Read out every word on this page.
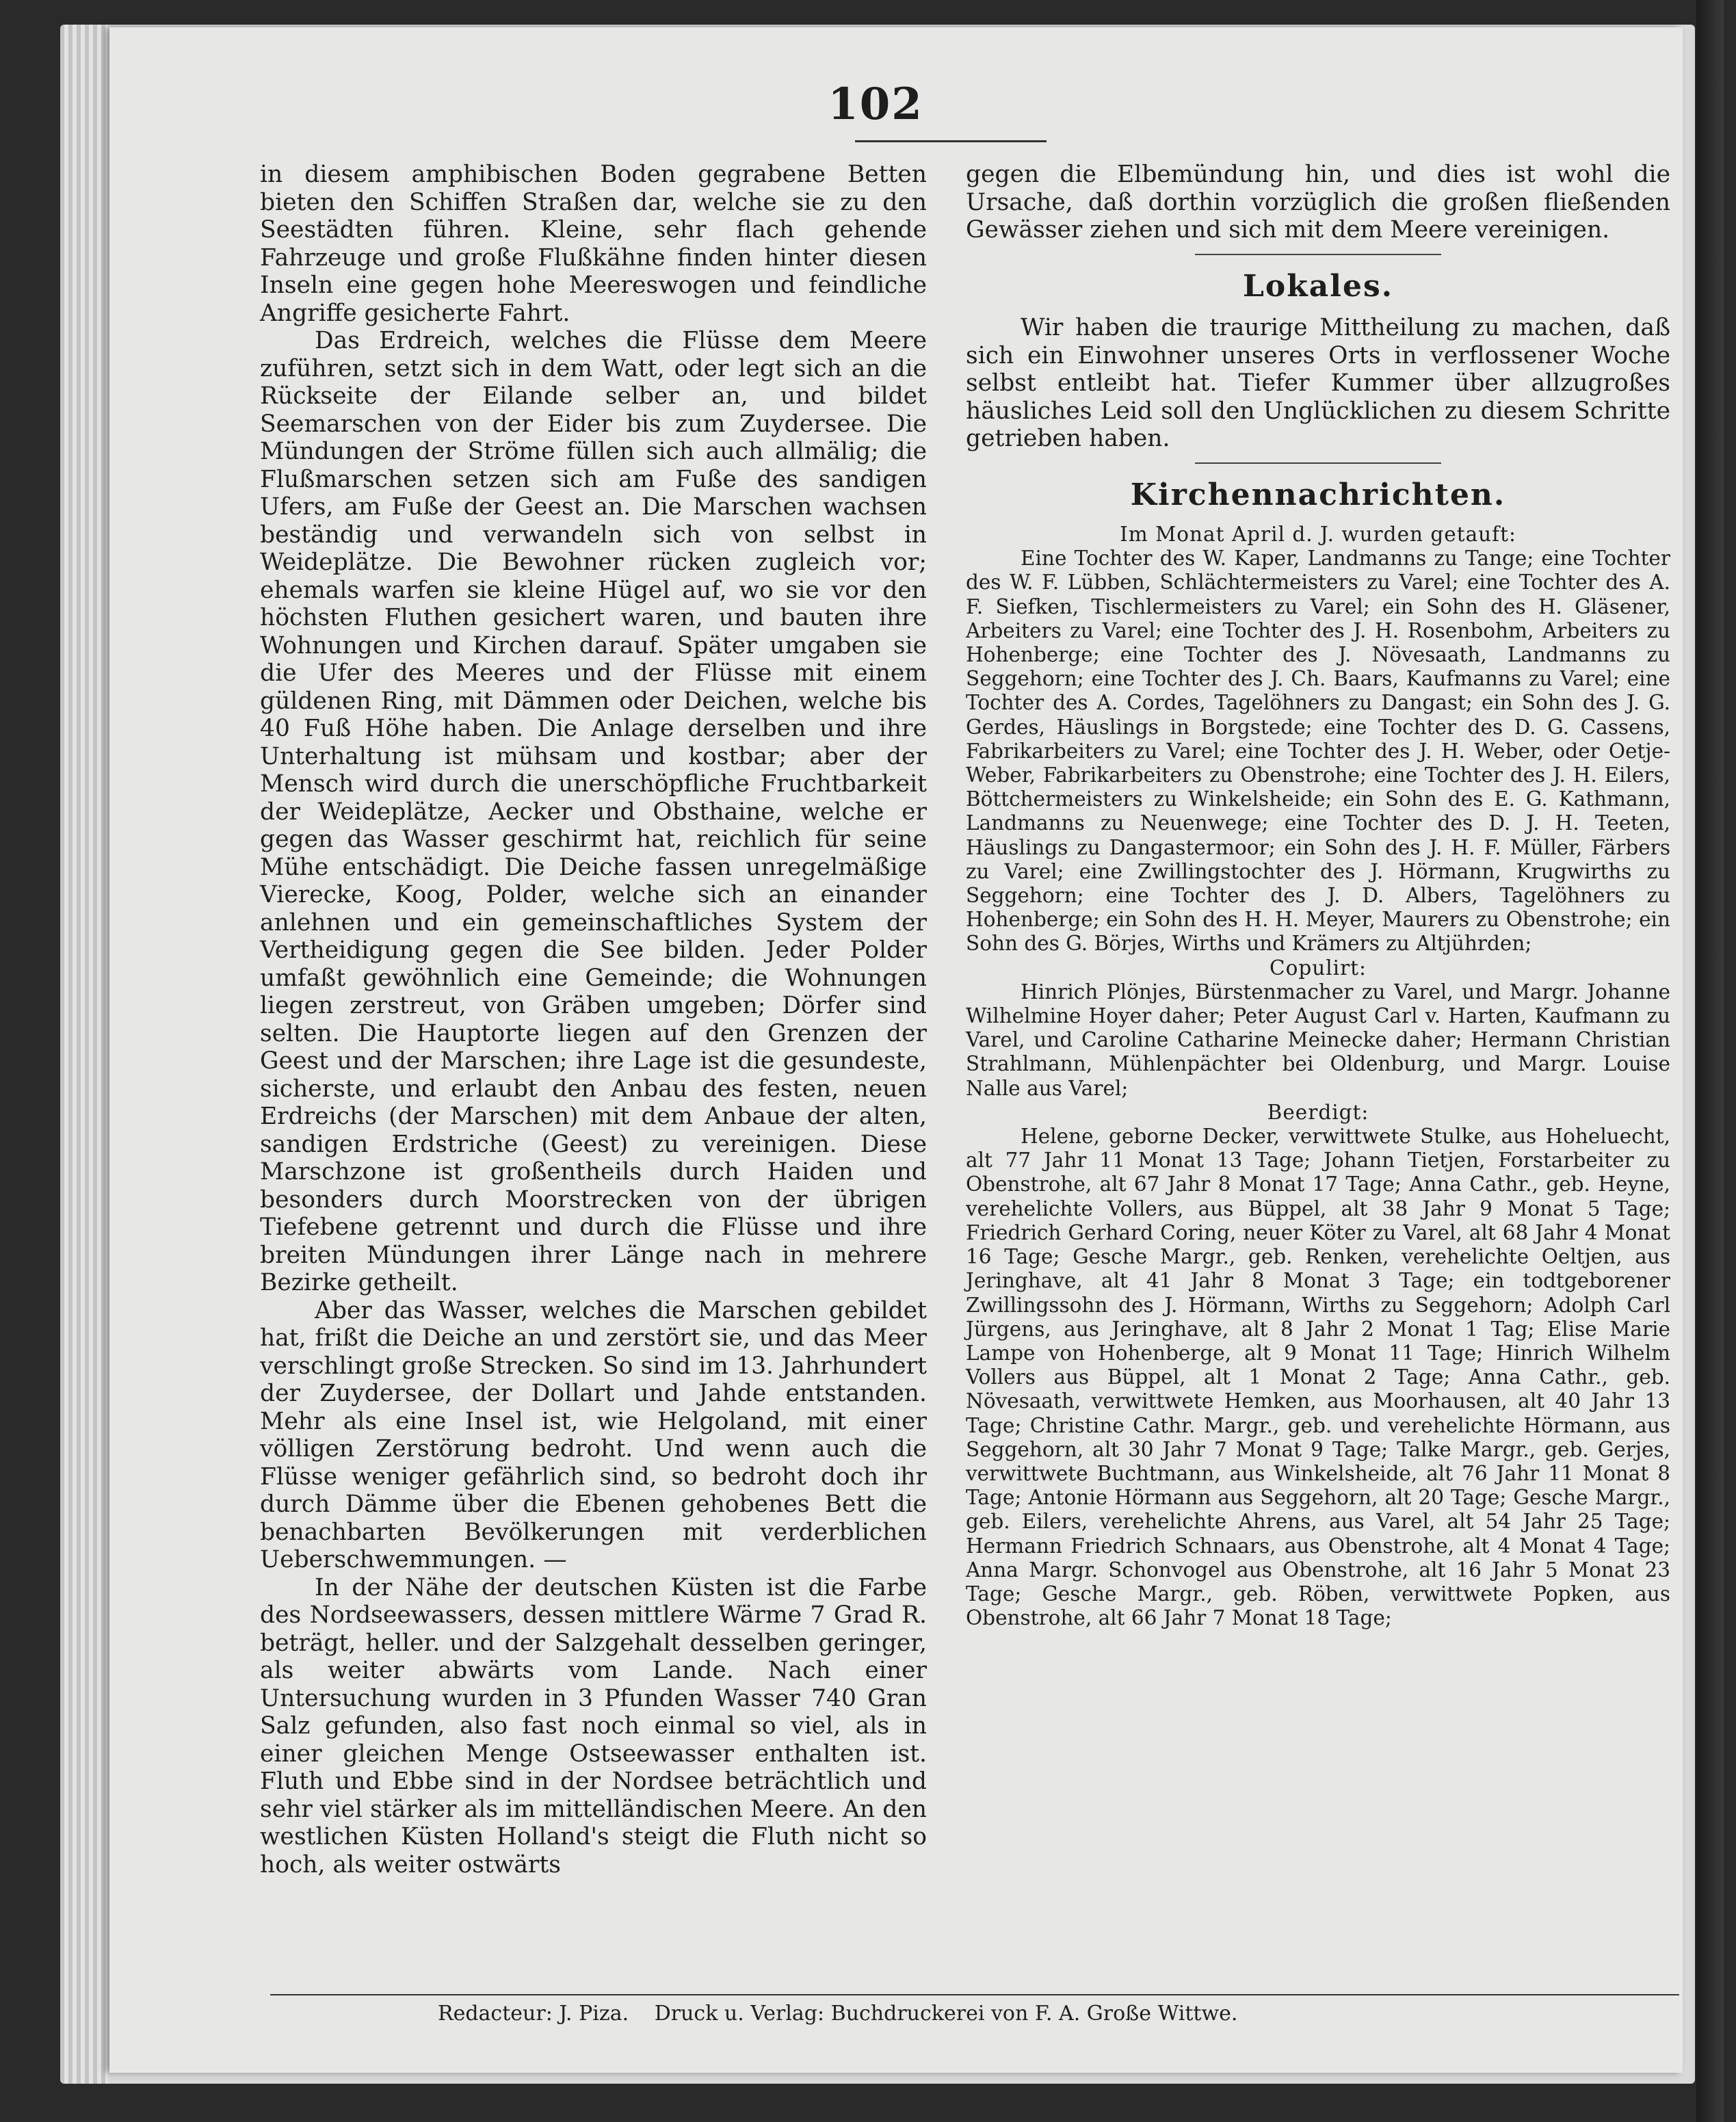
102

in diesem amphibischen Boden gegrabene Betten bieten den Schiffen Straßen dar, welche sie zu den Seestädten führen. Kleine, sehr flach gehende Fahrzeuge und große Flußkähne finden hinter diesen Inseln eine gegen hohe Meereswogen und feindliche Angriffe gesicherte Fahrt.

Das Erdreich, welches die Flüsse dem Meere zuführen, setzt sich in dem Watt, oder legt sich an die Rückseite der Eilande selber an, und bildet Seemarschen von der Eider bis zum Zuydersee. Die Mündungen der Ströme füllen sich auch allmälig; die Flußmarschen setzen sich am Fuße des sandigen Ufers, am Fuße der Geest an. Die Marschen wachsen beständig und verwandeln sich von selbst in Weideplätze. Die Bewohner rücken zugleich vor; ehemals warfen sie kleine Hügel auf, wo sie vor den höchsten Fluthen gesichert waren, und bauten ihre Wohnungen und Kirchen darauf. Später umgaben sie die Ufer des Meeres und der Flüsse mit einem güldenen Ring, mit Dämmen oder Deichen, welche bis 40 Fuß Höhe haben. Die Anlage derselben und ihre Unterhaltung ist mühsam und kostbar; aber der Mensch wird durch die unerschöpfliche Fruchtbarkeit der Weideplätze, Aecker und Obsthaine, welche er gegen das Wasser geschirmt hat, reichlich für seine Mühe entschädigt. Die Deiche fassen unregelmäßige Vierecke, Koog, Polder, welche sich an einander anlehnen und ein gemeinschaftliches System der Vertheidigung gegen die See bilden. Jeder Polder umfaßt gewöhnlich eine Gemeinde; die Wohnungen liegen zerstreut, von Gräben umgeben; Dörfer sind selten. Die Hauptorte liegen auf den Grenzen der Geest und der Marschen; ihre Lage ist die gesundeste, sicherste, und erlaubt den Anbau des festen, neuen Erdreichs (der Marschen) mit dem Anbaue der alten, sandigen Erdstriche (Geest) zu vereinigen. Diese Marschzone ist großentheils durch Haiden und besonders durch Moorstrecken von der übrigen Tiefebene getrennt und durch die Flüsse und ihre breiten Mündungen ihrer Länge nach in mehrere Bezirke getheilt.

Aber das Wasser, welches die Marschen gebildet hat, frißt die Deiche an und zerstört sie, und das Meer verschlingt große Strecken. So sind im 13. Jahrhundert der Zuydersee, der Dollart und Jahde entstanden. Mehr als eine Insel ist, wie Helgoland, mit einer völligen Zerstörung bedroht. Und wenn auch die Flüsse weniger gefährlich sind, so bedroht doch ihr durch Dämme über die Ebenen gehobenes Bett die benachbarten Bevölkerungen mit verderblichen Ueberschwemmungen. —

In der Nähe der deutschen Küsten ist die Farbe des Nordseewassers, dessen mittlere Wärme 7 Grad R. beträgt, heller. und der Salzgehalt desselben geringer, als weiter abwärts vom Lande. Nach einer Untersuchung wurden in 3 Pfunden Wasser 740 Gran Salz gefunden, also fast noch einmal so viel, als in einer gleichen Menge Ostseewasser enthalten ist. Fluth und Ebbe sind in der Nordsee beträchtlich und sehr viel stärker als im mittelländischen Meere. An den westlichen Küsten Holland's steigt die Fluth nicht so hoch, als weiter ostwärts

gegen die Elbemündung hin, und dies ist wohl die Ursache, daß dorthin vorzüglich die großen fließenden Gewässer ziehen und sich mit dem Meere vereinigen.

Lokales.

Wir haben die traurige Mittheilung zu machen, daß sich ein Einwohner unseres Orts in verflossener Woche selbst entleibt hat. Tiefer Kummer über allzugroßes häusliches Leid soll den Unglücklichen zu diesem Schritte getrieben haben.

Kirchennachrichten.

Im Monat April d. J. wurden getauft:

Eine Tochter des W. Kaper, Landmanns zu Tange; eine Tochter des W. F. Lübben, Schlächtermeisters zu Varel; eine Tochter des A. F. Siefken, Tischlermeisters zu Varel; ein Sohn des H. Gläsener, Arbeiters zu Varel; eine Tochter des J. H. Rosenbohm, Arbeiters zu Hohenberge; eine Tochter des J. Növesaath, Landmanns zu Seggehorn; eine Tochter des J. Ch. Baars, Kaufmanns zu Varel; eine Tochter des A. Cordes, Tagelöhners zu Dangast; ein Sohn des J. G. Gerdes, Häuslings in Borgstede; eine Tochter des D. G. Cassens, Fabrikarbeiters zu Varel; eine Tochter des J. H. Weber, oder Oetje-Weber, Fabrikarbeiters zu Obenstrohe; eine Tochter des J. H. Eilers, Böttchermeisters zu Winkelsheide; ein Sohn des E. G. Kathmann, Landmanns zu Neuenwege; eine Tochter des D. J. H. Teeten, Häuslings zu Dangastermoor; ein Sohn des J. H. F. Müller, Färbers zu Varel; eine Zwillingstochter des J. Hörmann, Krugwirths zu Seggehorn; eine Tochter des J. D. Albers, Tagelöhners zu Hohenberge; ein Sohn des H. H. Meyer, Maurers zu Obenstrohe; ein Sohn des G. Börjes, Wirths und Krämers zu Altjührden;

Copulirt:

Hinrich Plönjes, Bürstenmacher zu Varel, und Margr. Johanne Wilhelmine Hoyer daher; Peter August Carl v. Harten, Kaufmann zu Varel, und Caroline Catharine Meinecke daher; Hermann Christian Strahlmann, Mühlenpächter bei Oldenburg, und Margr. Louise Nalle aus Varel;

Beerdigt:

Helene, geborne Decker, verwittwete Stulke, aus Hoheluecht, alt 77 Jahr 11 Monat 13 Tage; Johann Tietjen, Forstarbeiter zu Obenstrohe, alt 67 Jahr 8 Monat 17 Tage; Anna Cathr., geb. Heyne, verehelichte Vollers, aus Büppel, alt 38 Jahr 9 Monat 5 Tage; Friedrich Gerhard Coring, neuer Köter zu Varel, alt 68 Jahr 4 Monat 16 Tage; Gesche Margr., geb. Renken, verehelichte Oeltjen, aus Jeringhave, alt 41 Jahr 8 Monat 3 Tage; ein todtgeborener Zwillingssohn des J. Hörmann, Wirths zu Seggehorn; Adolph Carl Jürgens, aus Jeringhave, alt 8 Jahr 2 Monat 1 Tag; Elise Marie Lampe von Hohenberge, alt 9 Monat 11 Tage; Hinrich Wilhelm Vollers aus Büppel, alt 1 Monat 2 Tage; Anna Cathr., geb. Növesaath, verwittwete Hemken, aus Moorhausen, alt 40 Jahr 13 Tage; Christine Cathr. Margr., geb. und verehelichte Hörmann, aus Seggehorn, alt 30 Jahr 7 Monat 9 Tage; Talke Margr., geb. Gerjes, verwittwete Buchtmann, aus Winkelsheide, alt 76 Jahr 11 Monat 8 Tage; Antonie Hörmann aus Seggehorn, alt 20 Tage; Gesche Margr., geb. Eilers, verehelichte Ahrens, aus Varel, alt 54 Jahr 25 Tage; Hermann Friedrich Schnaars, aus Obenstrohe, alt 4 Monat 4 Tage; Anna Margr. Schonvogel aus Obenstrohe, alt 16 Jahr 5 Monat 23 Tage; Gesche Margr., geb. Röben, verwittwete Popken, aus Obenstrohe, alt 66 Jahr 7 Monat 18 Tage;

Redacteur: J. Piza. Druck u. Verlag: Buchdruckerei von F. A. Große Wittwe.
